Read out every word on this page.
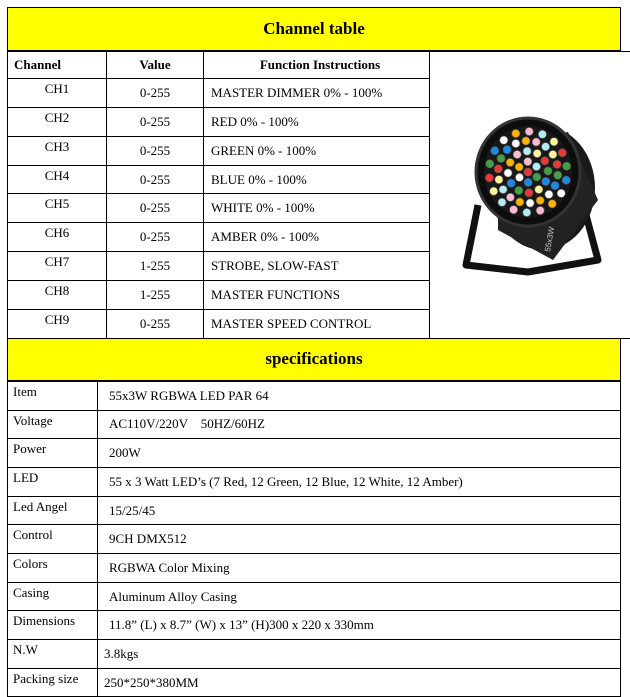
Channel table
Channel	Value	Function Instructions	55x3W

CH1	0-255	MASTER DIMMER 0% - 100%	
CH2	0-255	RED 0% - 100%	
CH3	0-255	GREEN 0% - 100%	
CH4	0-255	BLUE 0% - 100%	
CH5	0-255	WHITE 0% - 100%	
CH6	0-255	AMBER 0% - 100%	
CH7	1-255	STROBE, SLOW-FAST	
CH8	1-255	MASTER FUNCTIONS	
CH9	0-255	MASTER SPEED CONTROL	
specifications
Item	55x3W RGBWA LED PAR 64
Voltage	AC110V/220V    50HZ/60HZ
Power	200W
LED	55 x 3 Watt LED’s (7 Red, 12 Green, 12 Blue, 12 White, 12 Amber)
Led Angel	15/25/45
Control	9CH DMX512
Colors	RGBWA Color Mixing
Casing	Aluminum Alloy Casing
Dimensions	11.8” (L) x 8.7” (W) x 13” (H)300 x 220 x 330mm
N.W	3.8kgs
Packing size	250*250*380MM
